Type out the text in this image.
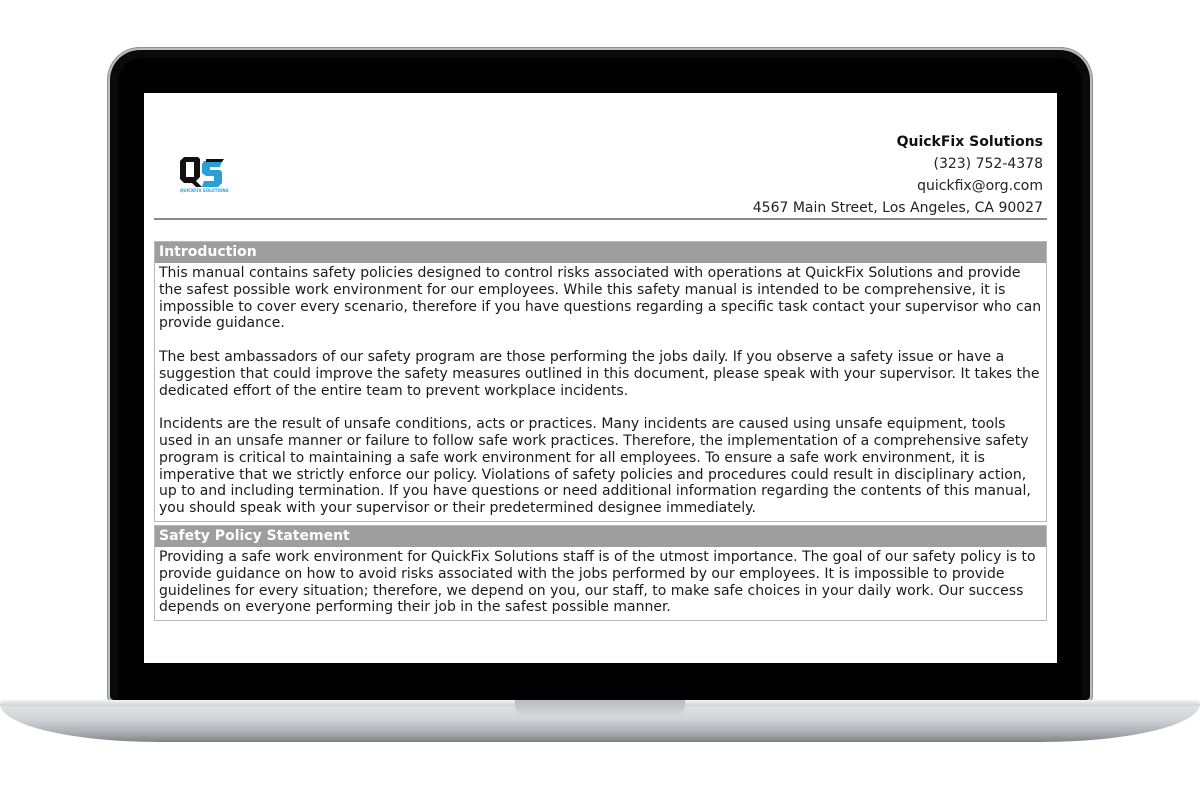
QUICKFIX SOLUTIONS
QuickFix Solutions
(323) 752-4378
quickfix@org.com
4567 Main Street, Los Angeles, CA 90027
Introduction

This manual contains safety policies designed to control risks associated with operations at QuickFix Solutions and provide the safest possible work environment for our employees. While this safety manual is intended to be comprehensive, it is impossible to cover every scenario, therefore if you have questions regarding a specific task contact your supervisor who can provide guidance.

The best ambassadors of our safety program are those performing the jobs daily. If you observe a safety issue or have a suggestion that could improve the safety measures outlined in this document, please speak with your supervisor. It takes the dedicated effort of the entire team to prevent workplace incidents.

Incidents are the result of unsafe conditions, acts or practices. Many incidents are caused using unsafe equipment, tools used in an unsafe manner or failure to follow safe work practices. Therefore, the implementation of a comprehensive safety program is critical to maintaining a safe work environment for all employees. To ensure a safe work environment, it is imperative that we strictly enforce our policy. Violations of safety policies and procedures could result in disciplinary action, up to and including termination. If you have questions or need additional information regarding the contents of this manual, you should speak with your supervisor or their predetermined designee immediately.

Safety Policy Statement

Providing a safe work environment for QuickFix Solutions staff is of the utmost importance. The goal of our safety policy is to provide guidance on how to avoid risks associated with the jobs performed by our employees. It is impossible to provide guidelines for every situation; therefore, we depend on you, our staff, to make safe choices in your daily work. Our success depends on everyone performing their job in the safest possible manner.
